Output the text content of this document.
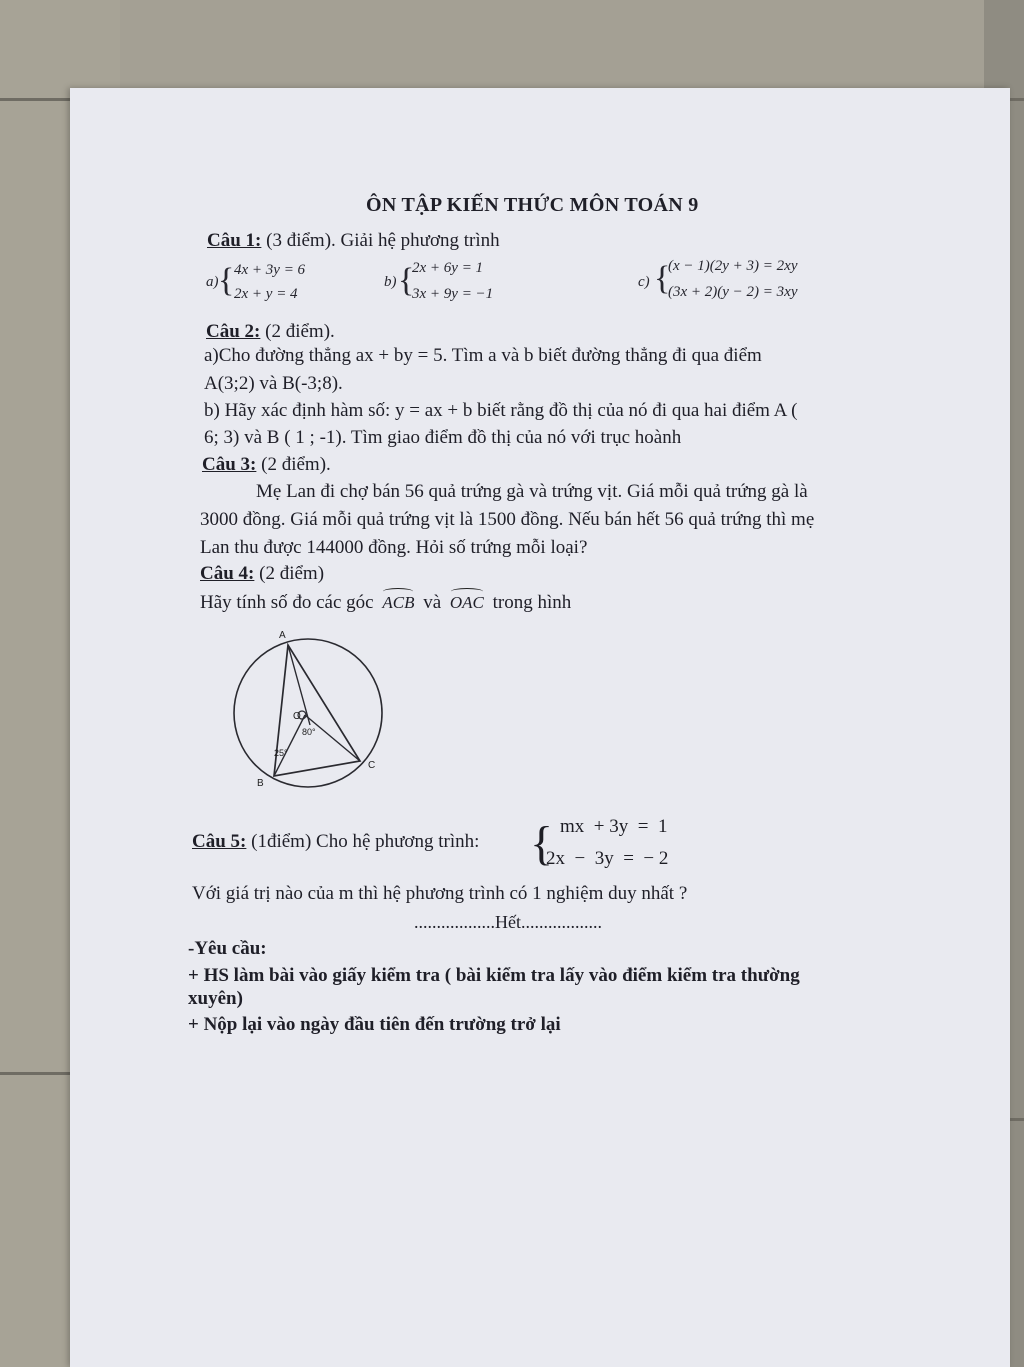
ÔN TẬP KIẾN THỨC MÔN TOÁN 9
Câu 1: (3 điểm). Giải hệ phương trình
a) { 4x + 3y = 6
2x + y = 4
b) {
2x + 6y = 1
3x + 9y = −1
c) {
(x − 1)(2y + 3) = 2xy
(3x + 2)(y − 2) = 3xy
Câu 2: (2 điểm).
a)Cho đường thẳng ax + by = 5. Tìm a và b biết đường thẳng đi qua điểm
A(3;2) và B(-3;8).
b) Hãy xác định hàm số: y = ax + b biết rằng đồ thị của nó đi qua hai điểm A (
6; 3) và B ( 1 ; -1). Tìm giao điểm đồ thị của nó với trục hoành
Câu 3: (2 điểm).
Mẹ Lan đi chợ bán 56 quả trứng gà và trứng vịt. Giá mỗi quả trứng gà là
3000 đồng. Giá mỗi quả trứng vịt là 1500 đồng. Nếu bán hết 56 quả trứng thì mẹ
Lan thu được 144000 đồng. Hỏi số trứng mỗi loại?
Câu 4: (2 điểm)
Hãy tính số đo các góc ACB và OAC trong hình
A
B
C
O
80°
25°
Câu 5: (1điểm) Cho hệ phương trình: { mx  + 3y  =  1
2x  −  3y  =  − 2
Với giá trị nào của m thì hệ phương trình có 1 nghiệm duy nhất ?
..................Hết..................
-Yêu cầu:
+ HS làm bài vào giấy kiểm tra ( bài kiểm tra lấy vào điểm kiểm tra thường
xuyên)
+ Nộp lại vào ngày đầu tiên đến trường trở lại
